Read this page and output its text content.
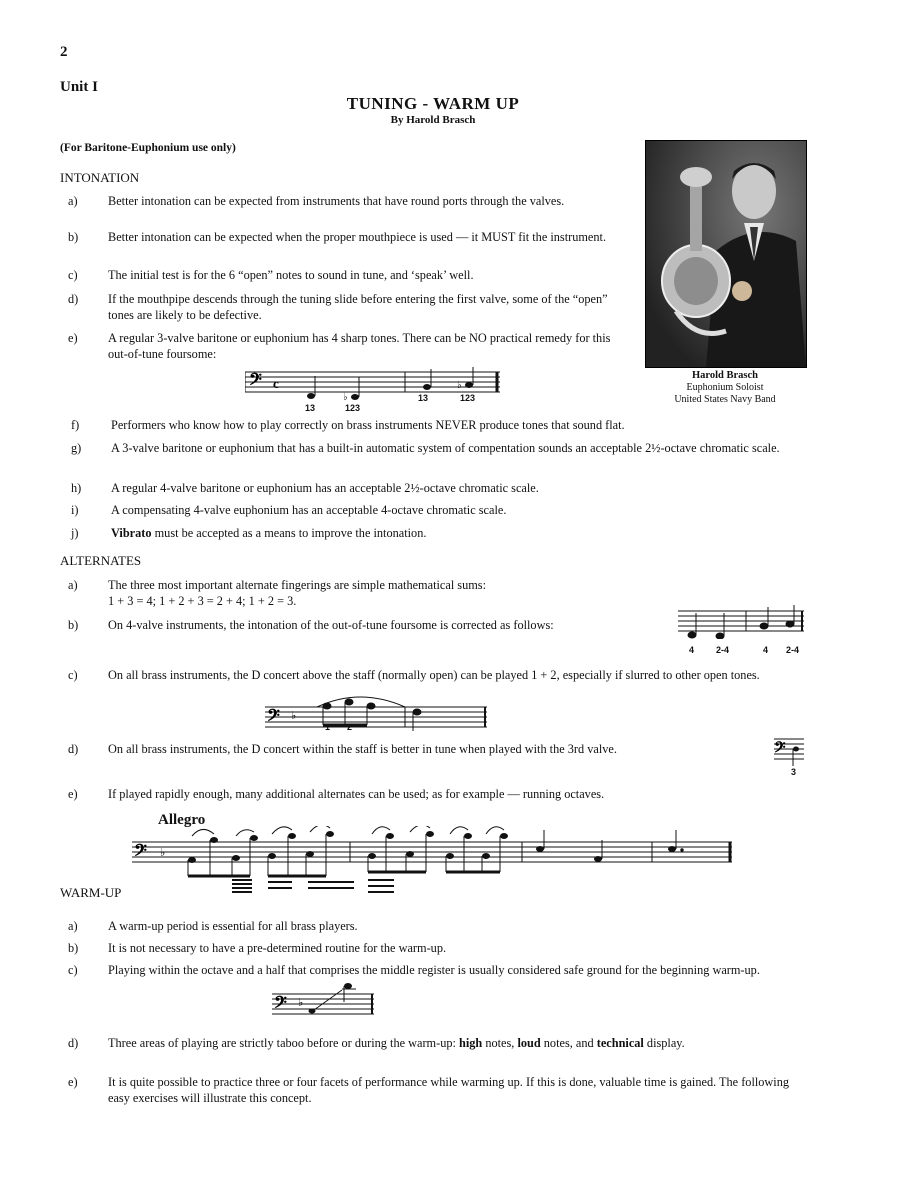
2
Unit I
TUNING - WARM UP
By Harold Brasch
(For Baritone-Euphonium use only)
Harold Brasch
Euphonium Soloist
United States Navy Band
INTONATION
a) Better intonation can be expected from instruments that have round ports through the valves.
b) Better intonation can be expected when the proper mouthpiece is used — it MUST fit the instrument.
c) The initial test is for the 6 “open” notes to sound in tune, and ‘speak’ well.
d) If the mouthpipe descends through the tuning slide before entering the first valve, some of the “open” tones are likely to be defective.
e) A regular 3-valve baritone or euphonium has 4 sharp tones. There can be NO practical remedy for this out-of-tune foursome:
𝄢 c
♭
♭
13	123
13	123
f)	Performers who know how to play correctly on brass instruments NEVER produce tones that sound flat.
g) A 3-valve baritone or euphonium that has a built-in automatic system of compentation sounds an acceptable 2½-octave chromatic scale.
h) A regular 4-valve baritone or euphonium has an acceptable 2½-octave chromatic scale.
i)	A compensating 4-valve euphonium has an acceptable 4-octave chromatic scale.
j)	Vibrato must be accepted as a means to improve the intonation.
ALTERNATES
a) The three most important alternate fingerings are simple mathematical sums:
1 + 3 = 4; 1 + 2 + 3 = 2 + 4; 1 + 2 = 3.
b) On 4-valve instruments, the intonation of the out-of-tune foursome is corrected as follows:
4 2-4	4 2-4
c) On all brass instruments, the D concert above the staff (normally open) can be played 1 + 2, especially if slurred to other open tones.
𝄢 ♭
1 2
d) On all brass instruments, the D concert within the staff is better in tune when played with the 3rd valve.	𝄢
3
e) If played rapidly enough, many additional alternates can be used; as for example — running octaves.
Allegro
𝄢 ♭
WARM-UP
a) A warm-up period is essential for all brass players.
b) It is not necessary to have a pre-determined routine for the warm-up.
c) Playing within the octave and a half that comprises the middle register is usually considered safe ground for the beginning warm-up.
𝄢 ♭
d) Three areas of playing are strictly taboo before or during the warm-up: high notes, loud notes, and technical display.
e) It is quite possible to practice three or four facets of performance while warming up. If this is done, valuable time is gained. The following easy exercises will illustrate this concept.
